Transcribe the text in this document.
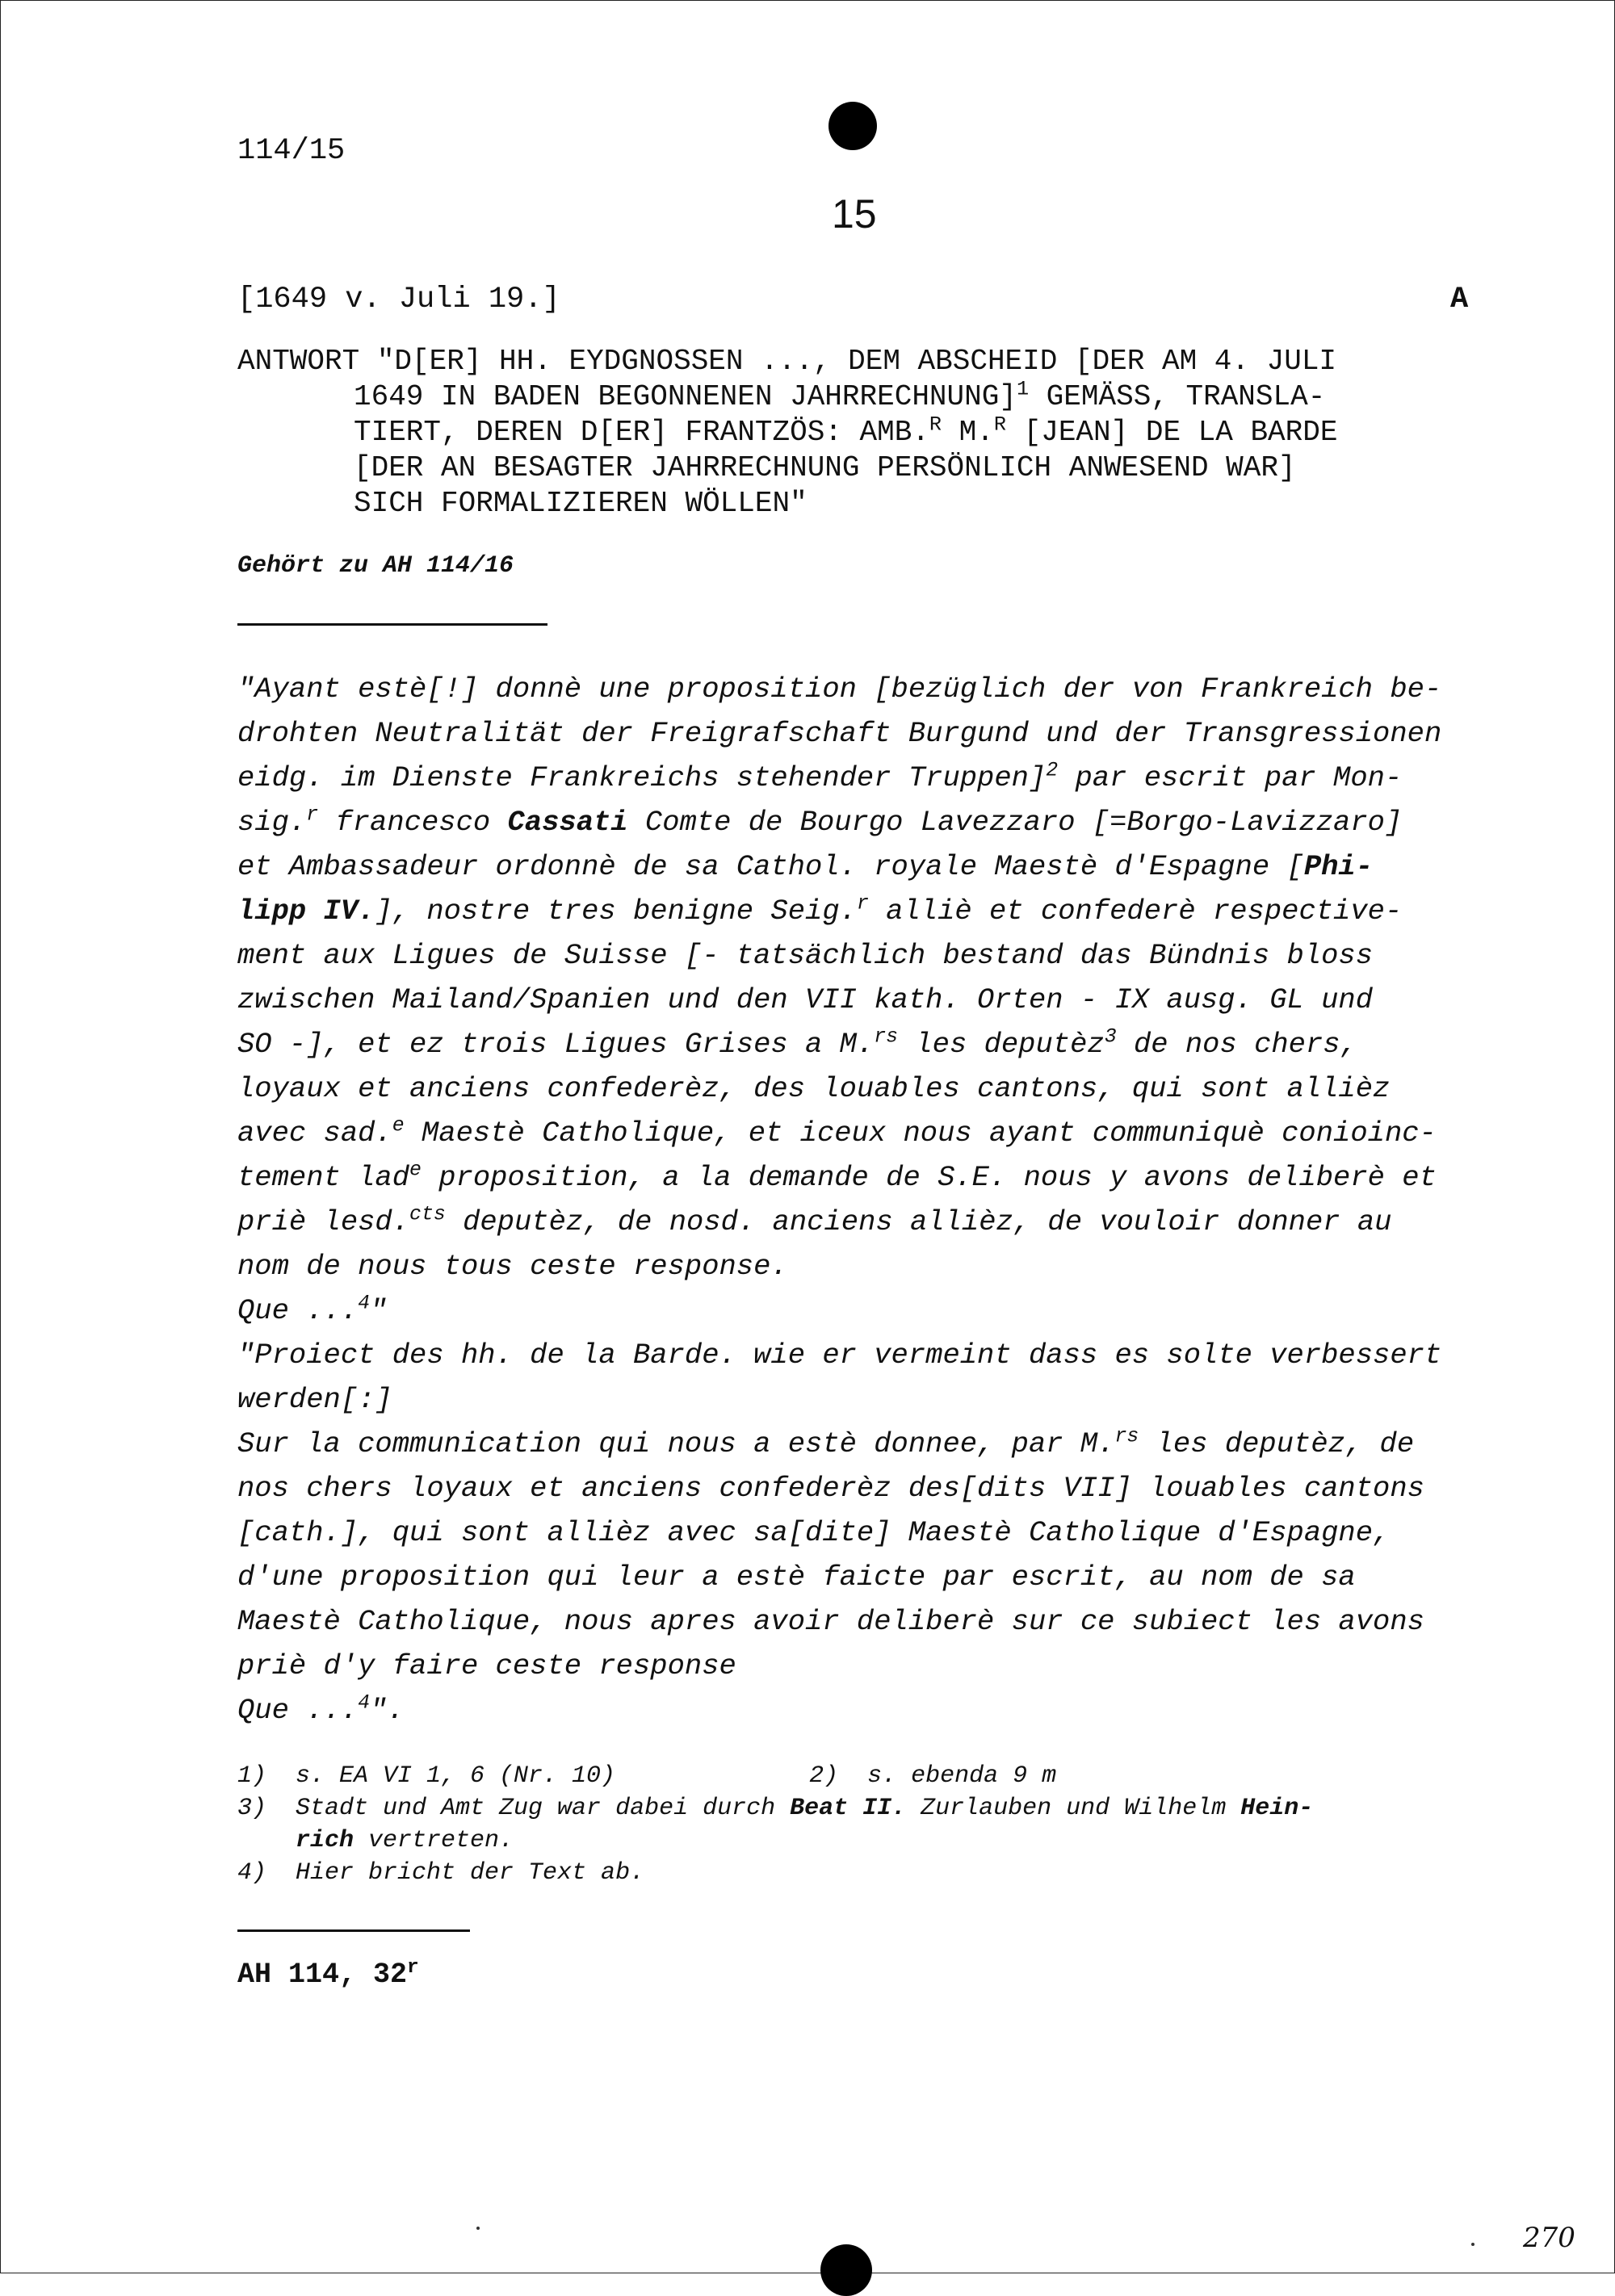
114/15
15
[1649 v. Juli 19.]	A
ANTWORT "D[ER] HH. EYDGNOSSEN ..., DEM ABSCHEID [DER AM 4. JULI
1649 IN BADEN BEGONNENEN JAHRRECHNUNG]$^1$ GEMÄSS, TRANSLA-
TIERT, DEREN D[ER] FRANTZÖS: AMB.$^R$ M.$^R$ [JEAN] DE LA BARDE
[DER AN BESAGTER JAHRRECHNUNG PERSÖNLICH ANWESEND WAR]
SICH FORMALIZIEREN WÖLLEN"
Gehört zu AH 114/16
"Ayant estè[!] donnè une proposition [bezüglich der von Frankreich be-
drohten Neutralität der Freigrafschaft Burgund und der Transgressionen
eidg. im Dienste Frankreichs stehender Truppen]$^2$ par escrit par Mon-
sig.$^r$ francesco Cassati Comte de Bourgo Lavezzaro [=Borgo-Lavizzaro]
et Ambassadeur ordonnè de sa Cathol. royale Maestè d'Espagne [Phi-
lipp IV.], nostre tres benigne Seig.$^r$ alliè et confederè respective-
ment aux Ligues de Suisse [- tatsächlich bestand das Bündnis bloss
zwischen Mailand/Spanien und den VII kath. Orten - IX ausg. GL und
SO -], et ez trois Ligues Grises a M.$^{rs}$ les deputèz$^3$ de nos chers,
loyaux et anciens confederèz, des louables cantons, qui sont allièz
avec sad.$^e$ Maestè Catholique, et iceux nous ayant communiquè conioinc-
tement lad$^e$ proposition, a la demande de S.E. nous y avons deliberè et
priè lesd.$^{cts}$ deputèz, de nosd. anciens allièz, de vouloir donner au
nom de nous tous ceste response.
Que ...$^4$"
"Proiect des hh. de la Barde. wie er vermeint dass es solte verbessert
werden[:]
Sur la communication qui nous a estè donnee, par M.$^{rs}$ les deputèz, de
nos chers loyaux et anciens confederèz des[dits VII] louables cantons
[cath.], qui sont allièz avec sa[dite] Maestè Catholique d'Espagne,
d'une proposition qui leur a estè faicte par escrit, au nom de sa
Maestè Catholique, nous apres avoir deliberè sur ce subiect les avons
priè d'y faire ceste response
Que ...$^4$".
1) s. EA VI 1, 6 (Nr. 10)	2) s. ebenda 9 m
3) Stadt und Amt Zug war dabei durch Beat II. Zurlauben und Wilhelm Hein-
rich vertreten.
4) Hier bricht der Text ab.
AH 114, 32$^r$
270
